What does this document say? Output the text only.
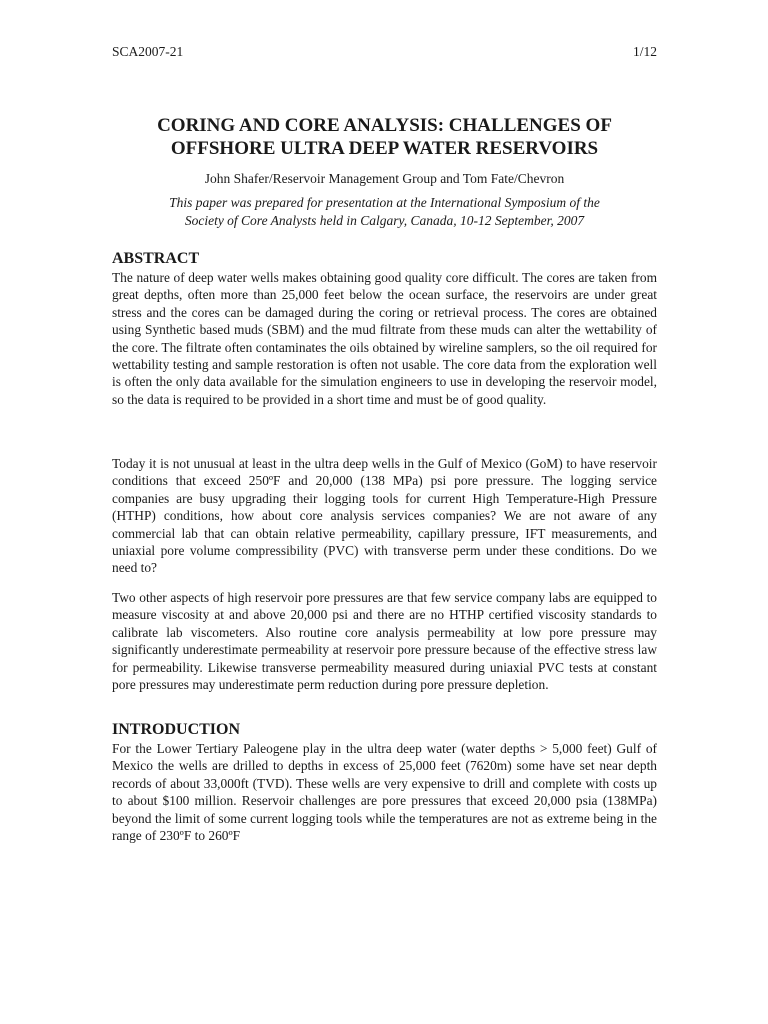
SCA2007-21	1/12
CORING AND CORE ANALYSIS: CHALLENGES OF
OFFSHORE ULTRA DEEP WATER RESERVOIRS
John Shafer/Reservoir Management Group and Tom Fate/Chevron
This paper was prepared for presentation at the International Symposium of the
Society of Core Analysts held in Calgary, Canada, 10-12 September, 2007
ABSTRACT

The nature of deep water wells makes obtaining good quality core difficult. The cores are taken from great depths, often more than 25,000 feet below the ocean surface, the reservoirs are under great stress and the cores can be damaged during the coring or retrieval process. The cores are obtained using Synthetic based muds (SBM) and the mud filtrate from these muds can alter the wettability of the core. The filtrate often contaminates the oils obtained by wireline samplers, so the oil required for wettability testing and sample restoration is often not usable. The core data from the exploration well is often the only data available for the simulation engineers to use in developing the reservoir model, so the data is required to be provided in a short time and must be of good quality.

Today it is not unusual at least in the ultra deep wells in the Gulf of Mexico (GoM) to have reservoir conditions that exceed 250ºF and 20,000 (138 MPa) psi pore pressure. The logging service companies are busy upgrading their logging tools for current High Temperature-High Pressure (HTHP) conditions, how about core analysis services companies? We are not aware of any commercial lab that can obtain relative permeability, capillary pressure, IFT measurements, and uniaxial pore volume compressibility (PVC) with transverse perm under these conditions. Do we need to?

Two other aspects of high reservoir pore pressures are that few service company labs are equipped to measure viscosity at and above 20,000 psi and there are no HTHP certified viscosity standards to calibrate lab viscometers. Also routine core analysis permeability at low pore pressure may significantly underestimate permeability at reservoir pore pressure because of the effective stress law for permeability. Likewise transverse permeability measured during uniaxial PVC tests at constant pore pressures may underestimate perm reduction during pore pressure depletion.

INTRODUCTION

For the Lower Tertiary Paleogene play in the ultra deep water (water depths > 5,000 feet) Gulf of Mexico the wells are drilled to depths in excess of 25,000 feet (7620m) some have set near depth records of about 33,000ft (TVD). These wells are very expensive to drill and complete with costs up to about $100 million. Reservoir challenges are pore pressures that exceed 20,000 psia (138MPa) beyond the limit of some current logging tools while the temperatures are not as extreme being in the range of 230ºF to 260ºF
